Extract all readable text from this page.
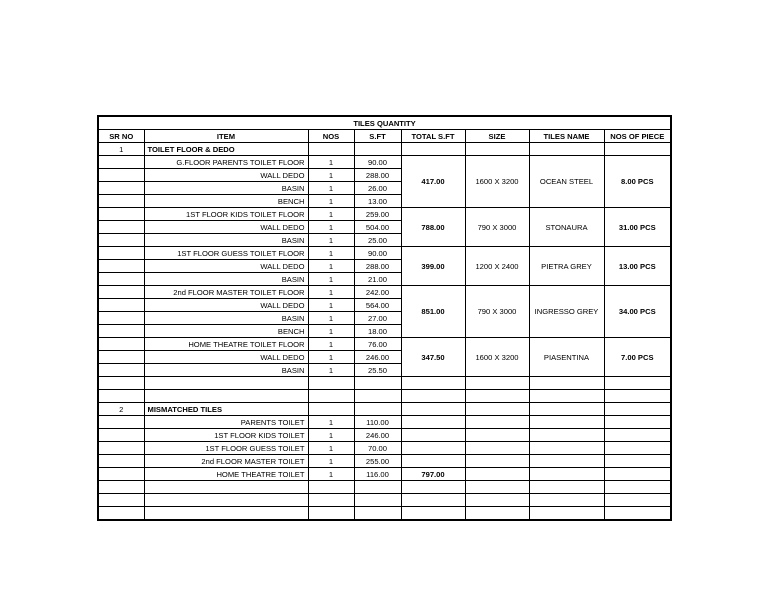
TILES QUANTITY							
SR NO	ITEM	NOS	S.FT	TOTAL S.FT	SIZE	TILES NAME	NOS OF PIECE
1	TOILET FLOOR & DEDO						
	G.FLOOR PARENTS TOILET FLOOR	1	90.00	417.00	1600 X 3200	OCEAN STEEL	8.00 PCS
	WALL DEDO	1	288.00				
	BASIN	1	26.00				
	BENCH	1	13.00				
	1ST FLOOR KIDS TOILET FLOOR	1	259.00	788.00	790 X 3000	STONAURA	31.00 PCS
	WALL DEDO	1	504.00				
	BASIN	1	25.00				
	1ST FLOOR GUESS TOILET FLOOR	1	90.00	399.00	1200 X 2400	PIETRA GREY	13.00 PCS
	WALL DEDO	1	288.00				
	BASIN	1	21.00				
	2nd FLOOR MASTER TOILET FLOOR	1	242.00	851.00	790 X 3000	INGRESSO GREY	34.00 PCS
	WALL DEDO	1	564.00				
	BASIN	1	27.00				
	BENCH	1	18.00				
	HOME THEATRE TOILET FLOOR	1	76.00	347.50	1600 X 3200	PIASENTINA	7.00 PCS
	WALL DEDO	1	246.00				
	BASIN	1	25.50				

2	MISMATCHED TILES						
	PARENTS TOILET	1	110.00				
	1ST FLOOR KIDS TOILET	1	246.00				
	1ST FLOOR GUESS TOILET	1	70.00				
	2nd FLOOR MASTER TOILET	1	255.00				
	HOME THEATRE TOILET	1	116.00	797.00			
